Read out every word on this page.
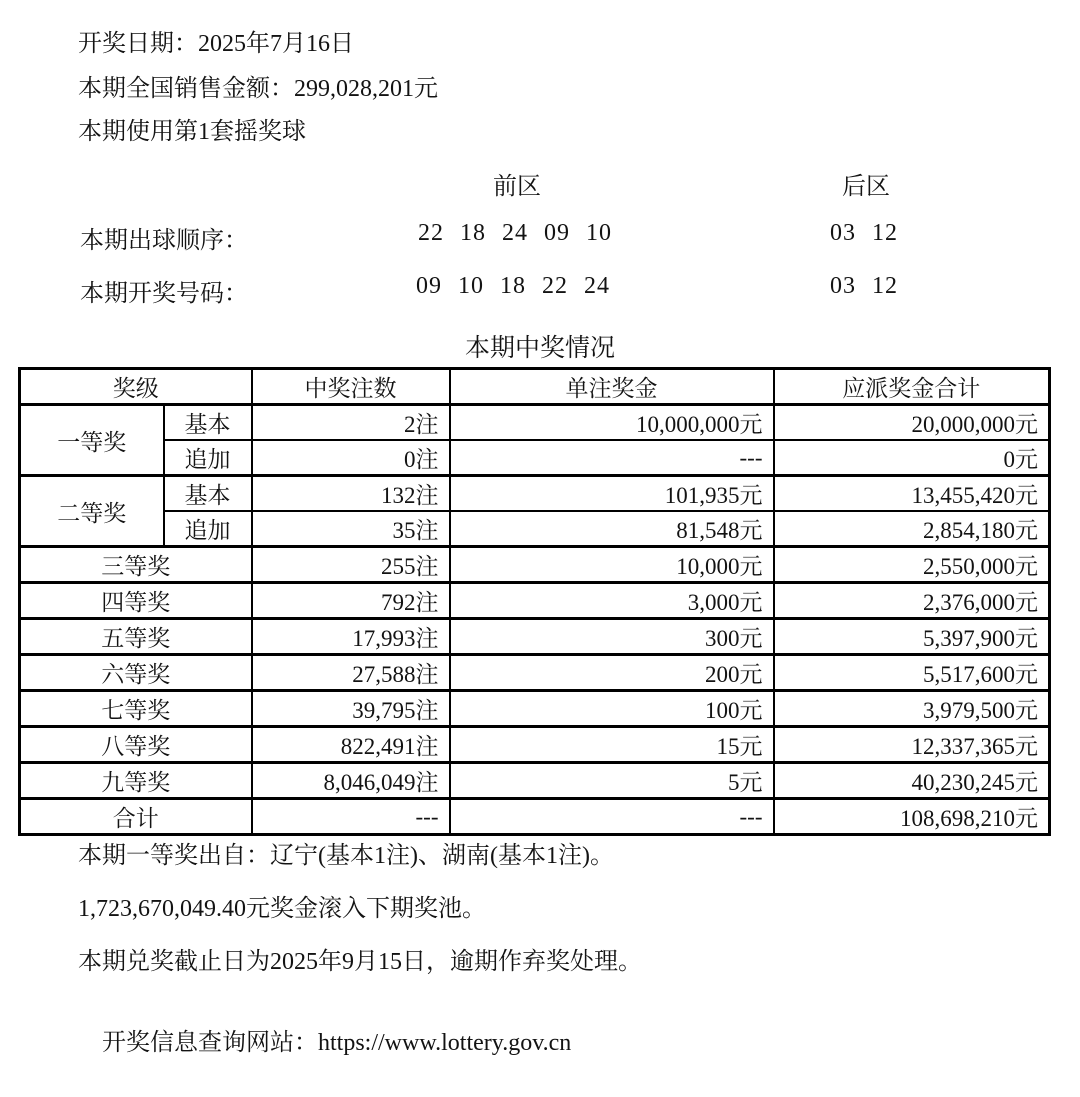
开奖日期：2025年7月16日
本期全国销售金额：299,028,201元
本期使用第1套摇奖球
前区	后区
本期出球顺序：	22 18 24 09 10	03 12
本期开奖号码：	09 10 18 22 24	03 12
本期中奖情况
奖级		中奖注数	单注奖金	应派奖金合计
一等奖	基本	2注	10,000,000元	20,000,000元
	追加	0注	---	0元
二等奖	基本	132注	101,935元	13,455,420元
	追加	35注	81,548元	2,854,180元
三等奖		255注	10,000元	2,550,000元
四等奖		792注	3,000元	2,376,000元
五等奖		17,993注	300元	5,397,900元
六等奖		27,588注	200元	5,517,600元
七等奖		39,795注	100元	3,979,500元
八等奖		822,491注	15元	12,337,365元
九等奖		8,046,049注	5元	40,230,245元
合计		---	---	108,698,210元
本期一等奖出自：辽宁(基本1注)、湖南(基本1注)。
1,723,670,049.40元奖金滚入下期奖池。
本期兑奖截止日为2025年9月15日，逾期作弃奖处理。

开奖信息查询网站：https://www.lottery.gov.cn
